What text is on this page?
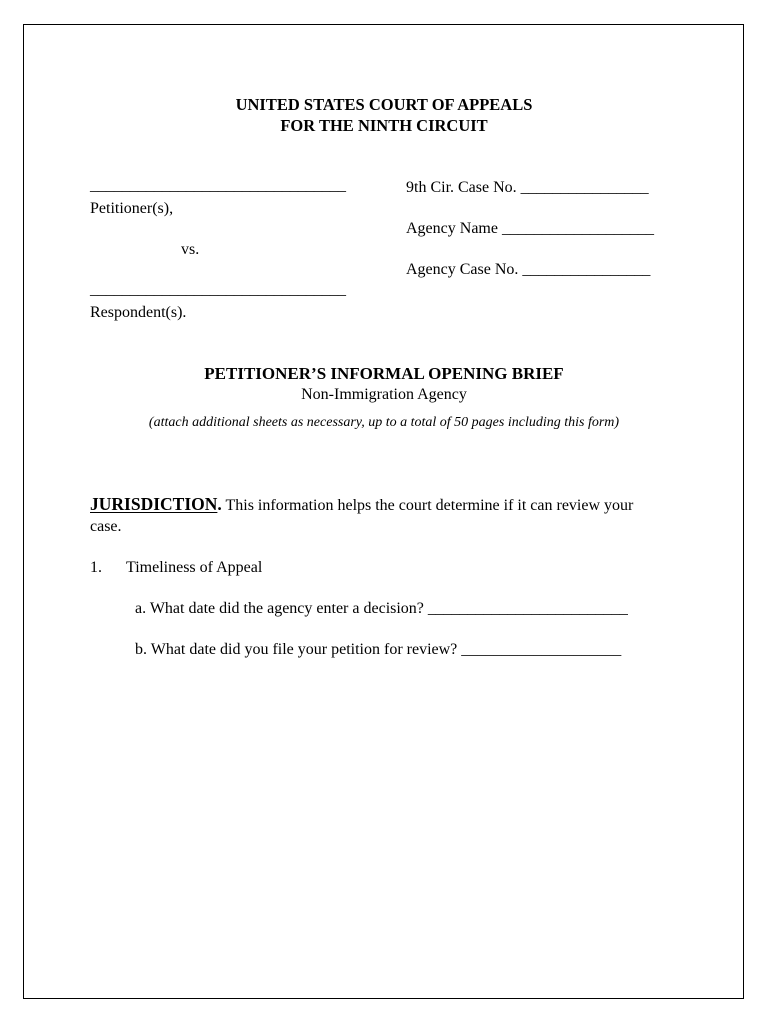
UNITED STATES COURT OF APPEALS
FOR THE NINTH CIRCUIT
________________________________
Petitioner(s),
vs.
________________________________
Respondent(s).
9th Cir. Case No. ________________
Agency Name ___________________
Agency Case No. ________________
PETITIONER’S INFORMAL OPENING BRIEF
Non-Immigration Agency
(attach additional sheets as necessary, up to a total of 50 pages including this form)
JURISDICTION. This information helps the court determine if it can review your
case.
1. Timeliness of Appeal
a. What date did the agency enter a decision? _________________________
b. What date did you file your petition for review? ____________________
